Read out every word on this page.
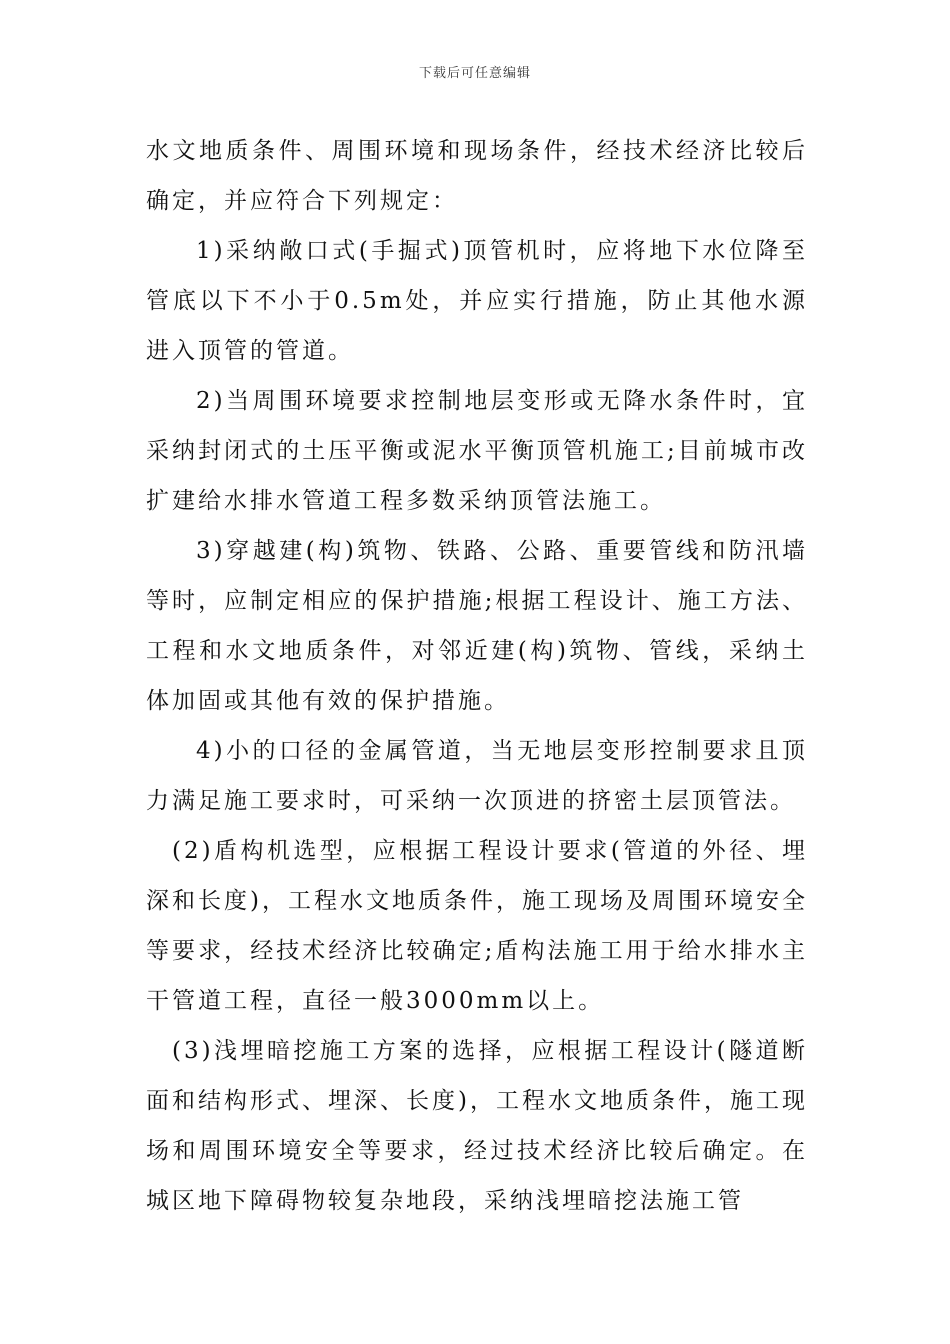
下载后可任意编辑

水文地质条件、周围环境和现场条件，经技术经济比较后确定，并应符合下列规定：

1)采纳敞口式(手掘式)顶管机时，应将地下水位降至管底以下不小于0.5m处，并应实行措施，防止其他水源进入顶管的管道。

2)当周围环境要求控制地层变形或无降水条件时，宜采纳封闭式的土压平衡或泥水平衡顶管机施工;目前城市改扩建给水排水管道工程多数采纳顶管法施工。

3)穿越建(构)筑物、铁路、公路、重要管线和防汛墙等时，应制定相应的保护措施;根据工程设计、施工方法、工程和水文地质条件，对邻近建(构)筑物、管线，采纳土体加固或其他有效的保护措施。

4)小的口径的金属管道，当无地层变形控制要求且顶力满足施工要求时，可采纳一次顶进的挤密土层顶管法。

(2)盾构机选型，应根据工程设计要求(管道的外径、埋深和长度)，工程水文地质条件，施工现场及周围环境安全等要求，经技术经济比较确定;盾构法施工用于给水排水主干管道工程，直径一般3000mm以上。

(3)浅埋暗挖施工方案的选择，应根据工程设计(隧道断面和结构形式、埋深、长度)，工程水文地质条件，施工现场和周围环境安全等要求，经过技术经济比较后确定。在城区地下障碍物较复杂地段，采纳浅埋暗挖法施工管
